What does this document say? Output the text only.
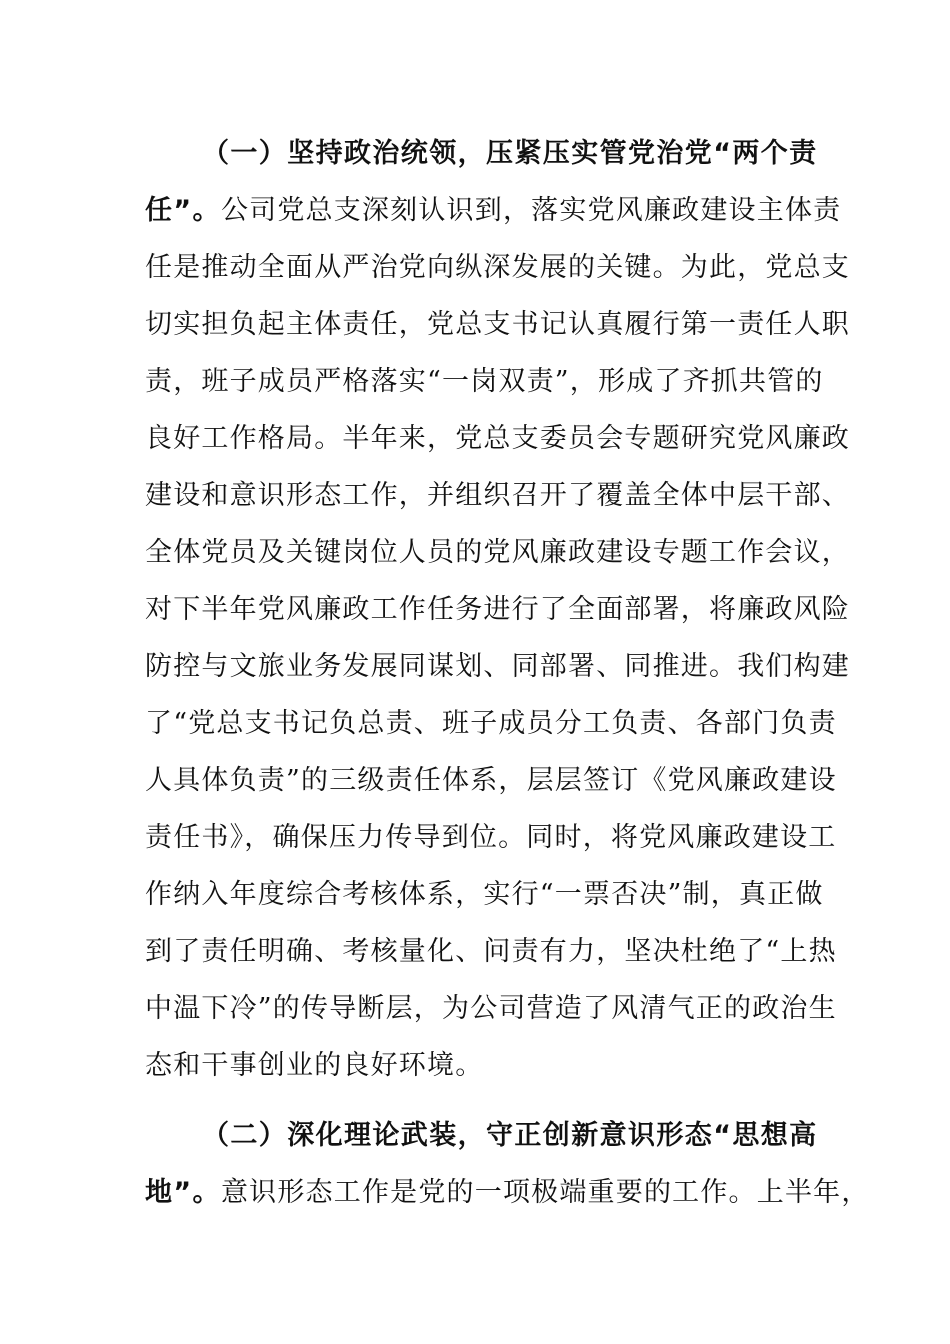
（一）坚持政治统领，压紧压实管党治党“两个责
任”。公司党总支深刻认识到，落实党风廉政建设主体责
任是推动全面从严治党向纵深发展的关键。为此，党总支
切实担负起主体责任，党总支书记认真履行第一责任人职
责，班子成员严格落实“一岗双责”，形成了齐抓共管的
良好工作格局。半年来，党总支委员会专题研究党风廉政
建设和意识形态工作，并组织召开了覆盖全体中层干部、
全体党员及关键岗位人员的党风廉政建设专题工作会议，
对下半年党风廉政工作任务进行了全面部署，将廉政风险
防控与文旅业务发展同谋划、同部署、同推进。我们构建
了“党总支书记负总责、班子成员分工负责、各部门负责
人具体负责”的三级责任体系，层层签订《党风廉政建设
责任书》，确保压力传导到位。同时，将党风廉政建设工
作纳入年度综合考核体系，实行“一票否决”制，真正做
到了责任明确、考核量化、问责有力，坚决杜绝了“上热
中温下冷”的传导断层，为公司营造了风清气正的政治生
态和干事创业的良好环境。
（二）深化理论武装，守正创新意识形态“思想高
地”。意识形态工作是党的一项极端重要的工作。上半年，
